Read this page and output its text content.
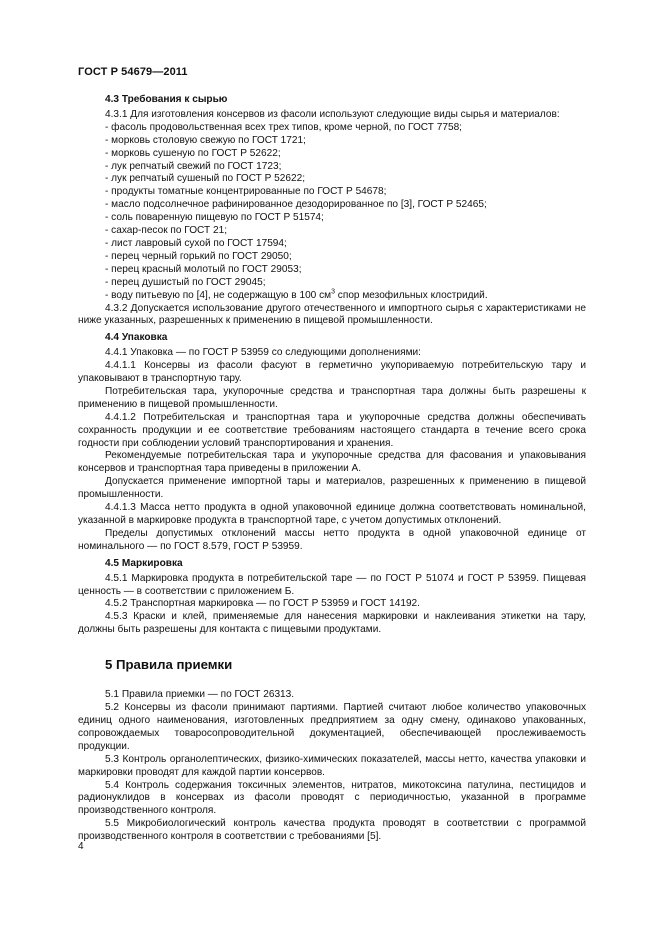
ГОСТ Р 54679—2011
4.3 Требования к сырью

4.3.1 Для изготовления консервов из фасоли используют следующие виды сырья и материалов:

- фасоль продовольственная всех трех типов, кроме черной, по ГОСТ 7758;

- морковь столовую свежую по ГОСТ 1721;

- морковь сушеную по ГОСТ Р 52622;

- лук репчатый свежий по ГОСТ 1723;

- лук репчатый сушеный по ГОСТ Р 52622;

- продукты томатные концентрированные по ГОСТ Р 54678;

- масло подсолнечное рафинированное дезодорированное по [3], ГОСТ Р 52465;

- соль поваренную пищевую по ГОСТ Р 51574;

- сахар-песок по ГОСТ 21;

- лист лавровый сухой по ГОСТ 17594;

- перец черный горький по ГОСТ 29050;

- перец красный молотый по ГОСТ 29053;

- перец душистый по ГОСТ 29045;

- воду питьевую по [4], не содержащую в 100 $см^3$ спор мезофильных клостридий.

4.3.2 Допускается использование другого отечественного и импортного сырья с характеристиками не ниже указанных, разрешенных к применению в пищевой промышленности.

4.4 Упаковка

4.4.1 Упаковка — по ГОСТ Р 53959 со следующими дополнениями:

4.4.1.1 Консервы из фасоли фасуют в герметично укупориваемую потребительскую тару и упаковывают в транспортную тару.

Потребительская тара, укупорочные средства и транспортная тара должны быть разрешены к применению в пищевой промышленности.

4.4.1.2 Потребительская и транспортная тара и укупорочные средства должны обеспечивать сохранность продукции и ее соответствие требованиям настоящего стандарта в течение всего срока годности при соблюдении условий транспортирования и хранения.

Рекомендуемые потребительская тара и укупорочные средства для фасования и упаковывания консервов и транспортная тара приведены в приложении А.

Допускается применение импортной тары и материалов, разрешенных к применению в пищевой промышленности.

4.4.1.3 Масса нетто продукта в одной упаковочной единице должна соответствовать номинальной, указанной в маркировке продукта в транспортной таре, с учетом допустимых отклонений.

Пределы допустимых отклонений массы нетто продукта в одной упаковочной единице от номинального — по ГОСТ 8.579, ГОСТ Р 53959.

4.5 Маркировка

4.5.1 Маркировка продукта в потребительской таре — по ГОСТ Р 51074 и ГОСТ Р 53959. Пищевая ценность — в соответствии с приложением Б.

4.5.2 Транспортная маркировка — по ГОСТ Р 53959 и ГОСТ 14192.

4.5.3 Краски и клей, применяемые для нанесения маркировки и наклеивания этикетки на тару, должны быть разрешены для контакта с пищевыми продуктами.

5 Правила приемки

5.1 Правила приемки — по ГОСТ 26313.

5.2 Консервы из фасоли принимают партиями. Партией считают любое количество упаковочных единиц одного наименования, изготовленных предприятием за одну смену, одинаково упакованных, сопровождаемых товаросопроводительной документацией, обеспечивающей прослеживаемость продукции.

5.3 Контроль органолептических, физико-химических показателей, массы нетто, качества упаковки и маркировки проводят для каждой партии консервов.

5.4 Контроль содержания токсичных элементов, нитратов, микотоксина патулина, пестицидов и радионуклидов в консервах из фасоли проводят с периодичностью, указанной в программе производственного контроля.

5.5 Микробиологический контроль качества продукта проводят в соответствии с программой производственного контроля в соответствии с требованиями [5].

4
